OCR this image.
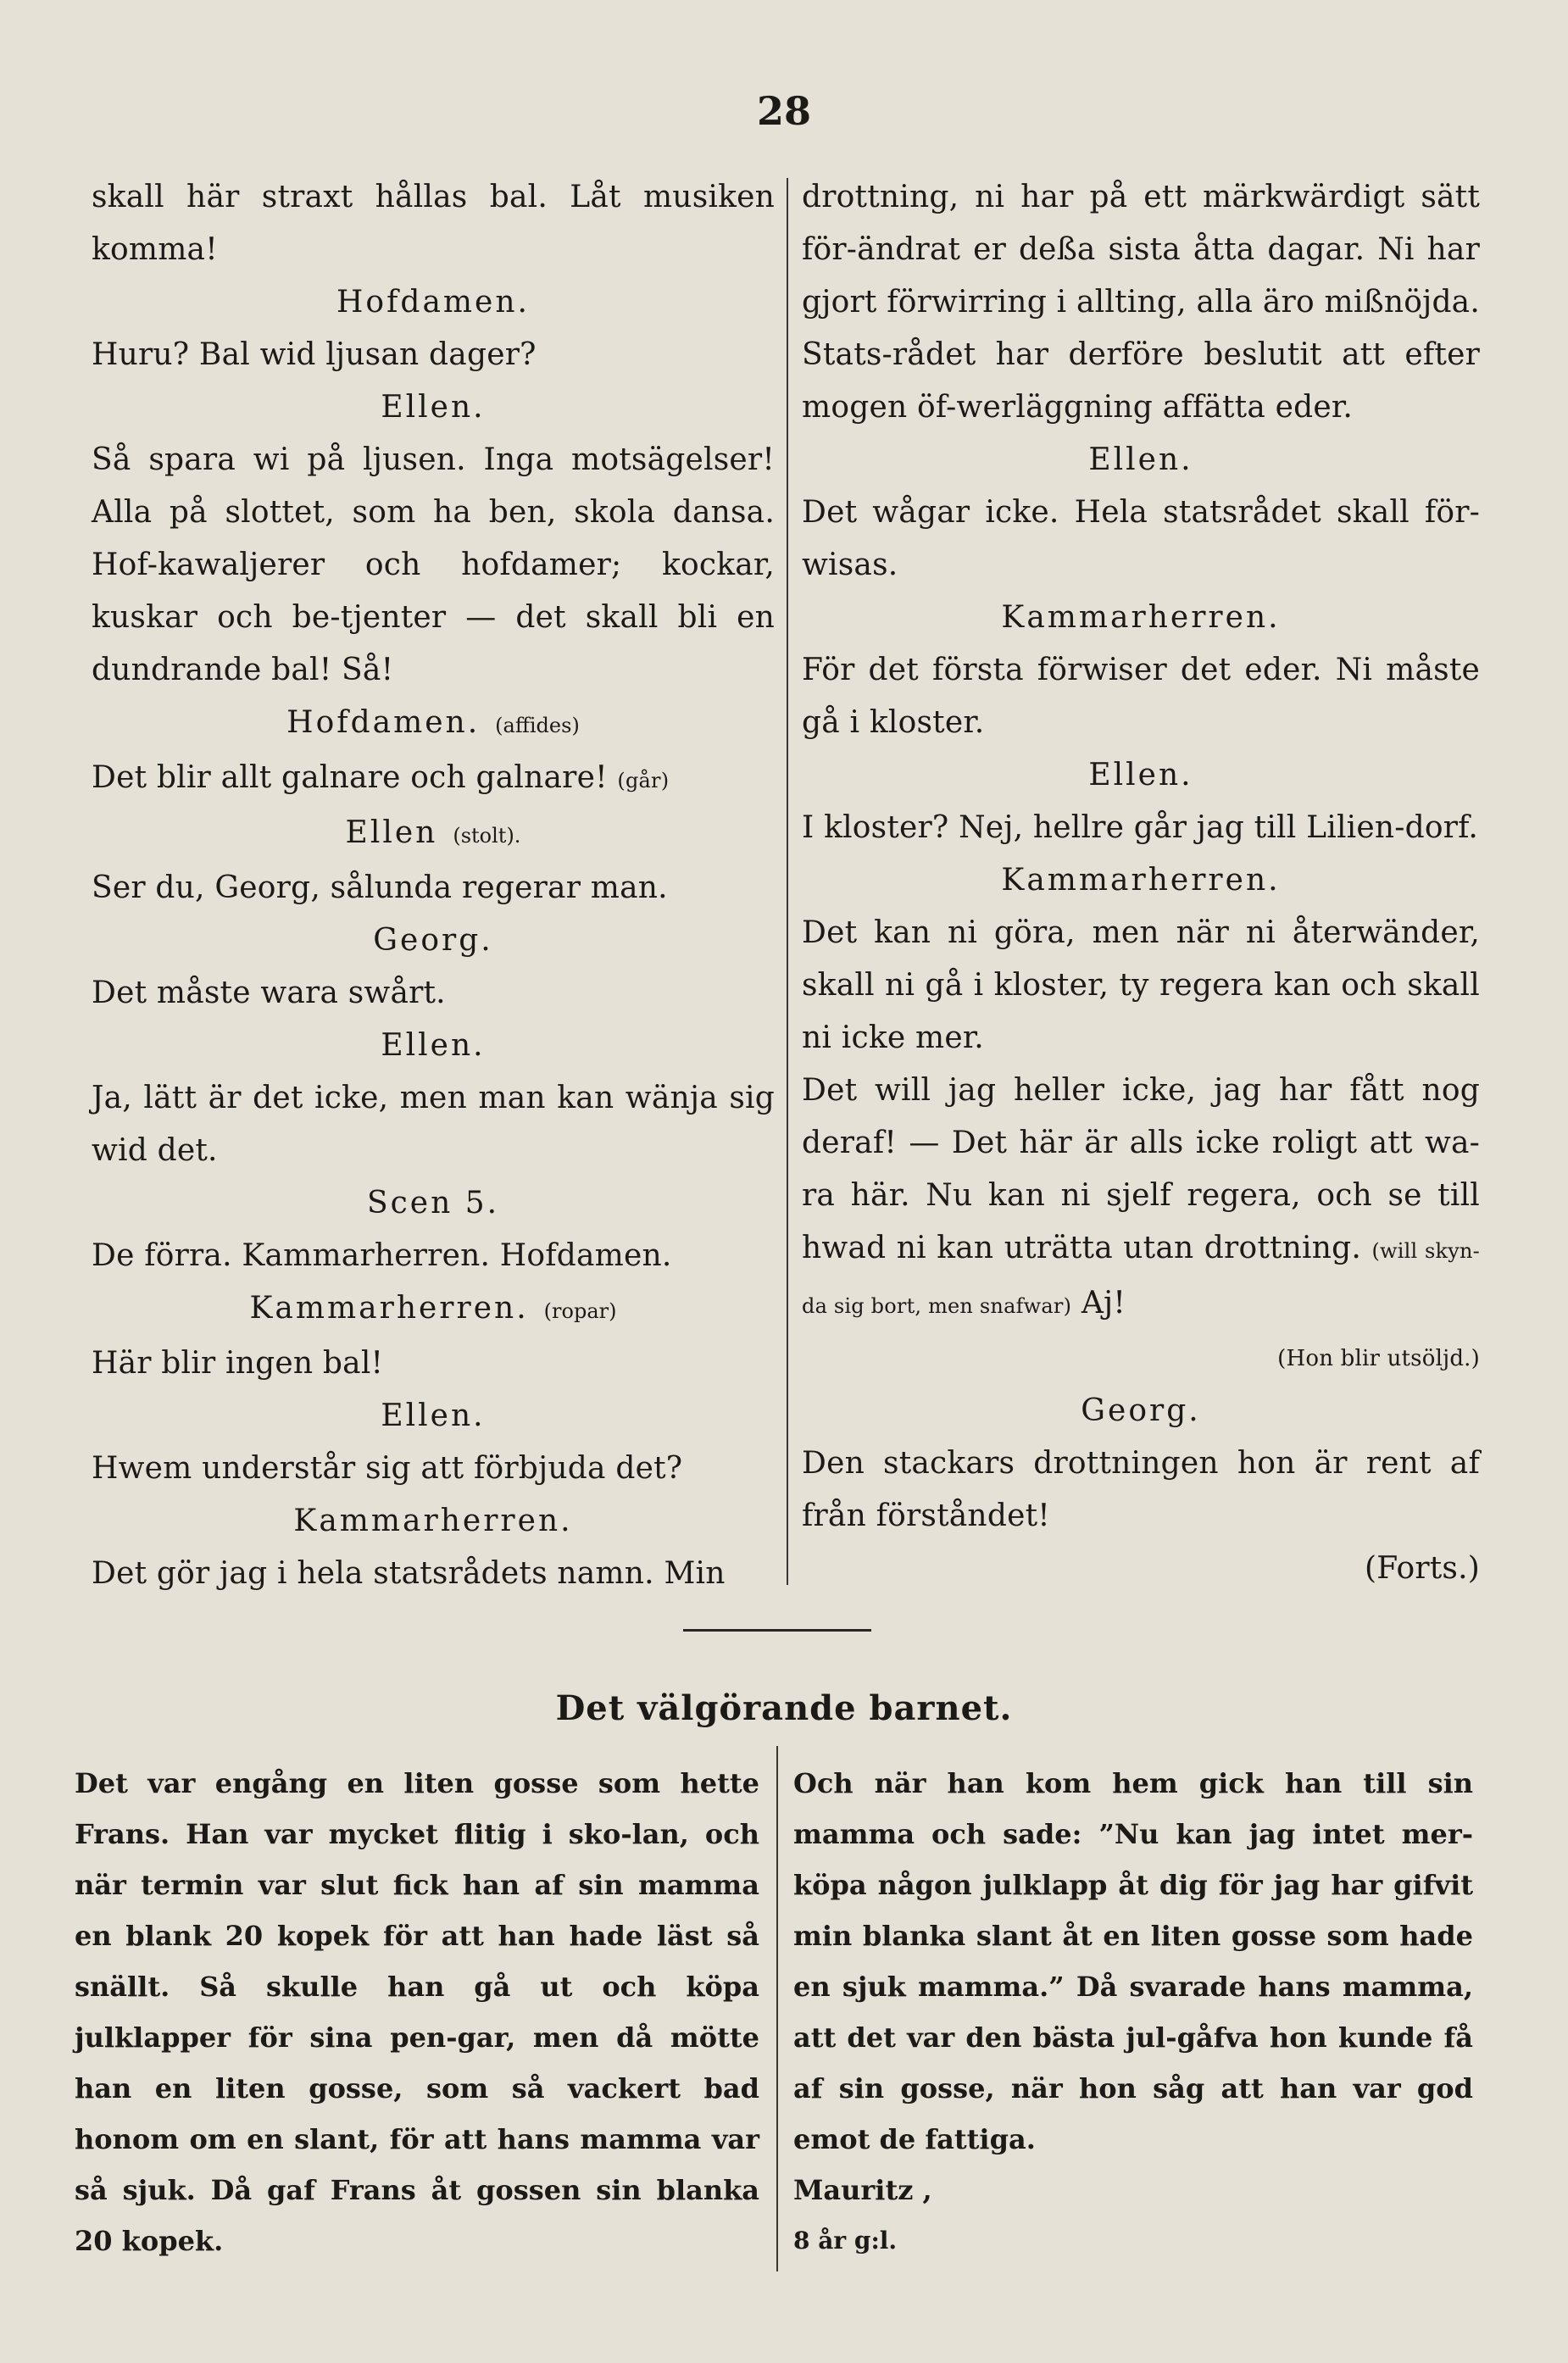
28

skall här straxt hållas bal. Låt musiken komma!

Hofdamen.

Huru? Bal wid ljusan dager?

Ellen.

Så spara wi på ljusen. Inga motsägelser! Alla på slottet, som ha ben, skola dansa. Hof-kawaljerer och hofdamer; kockar, kuskar och be-tjenter — det skall bli en dundrande bal! Så!

Hofdamen. (affides)

Det blir allt galnare och galnare! (går)

Ellen (stolt).

Ser du, Georg, sålunda regerar man.

Georg.

Det måste wara swårt.

Ellen.

Ja, lätt är det icke, men man kan wänja sig wid det.

Scen 5.

De förra. Kammarherren. Hofdamen.

Kammarherren. (ropar)

Här blir ingen bal!

Ellen.

Hwem understår sig att förbjuda det?

Kammarherren.

Det gör jag i hela statsrådets namn. Min

drottning, ni har på ett märkwärdigt sätt för-ändrat er deßa sista åtta dagar. Ni har gjort förwirring i allting, alla äro mißnöjda. Stats-rådet har derföre beslutit att efter mogen öf-werläggning affätta eder.

Ellen.

Det wågar icke. Hela statsrådet skall för-wisas.

Kammarherren.

För det första förwiser det eder. Ni måste gå i kloster.

Ellen.

I kloster? Nej, hellre går jag till Lilien-dorf.

Kammarherren.

Det kan ni göra, men när ni återwänder, skall ni gå i kloster, ty regera kan och skall ni icke mer.

Det will jag heller icke, jag har fått nog deraf! — Det här är alls icke roligt att wa-ra här. Nu kan ni sjelf regera, och se till hwad ni kan uträtta utan drottning. (will skyn-da sig bort, men snafwar) Aj!

(Hon blir utsöljd.)

Georg.

Den stackars drottningen hon är rent af från förståndet!

(Forts.)

Det välgörande barnet.

Det var engång en liten gosse som hette Frans. Han var mycket flitig i sko-lan, och när termin var slut fick han af sin mamma en blank 20 kopek för att han hade läst så snällt. Så skulle han gå ut och köpa julklapper för sina pen-gar, men då mötte han en liten gosse, som så vackert bad honom om en slant, för att hans mamma var så sjuk. Då gaf Frans åt gossen sin blanka 20 kopek.

Och när han kom hem gick han till sin mamma och sade: ”Nu kan jag intet mer-köpa någon julklapp åt dig för jag har gifvit min blanka slant åt en liten gosse som hade en sjuk mamma.” Då svarade hans mamma, att det var den bästa jul-gåfva hon kunde få af sin gosse, när hon såg att han var god emot de fattiga.

Mauritz ,

8 år g:l.
